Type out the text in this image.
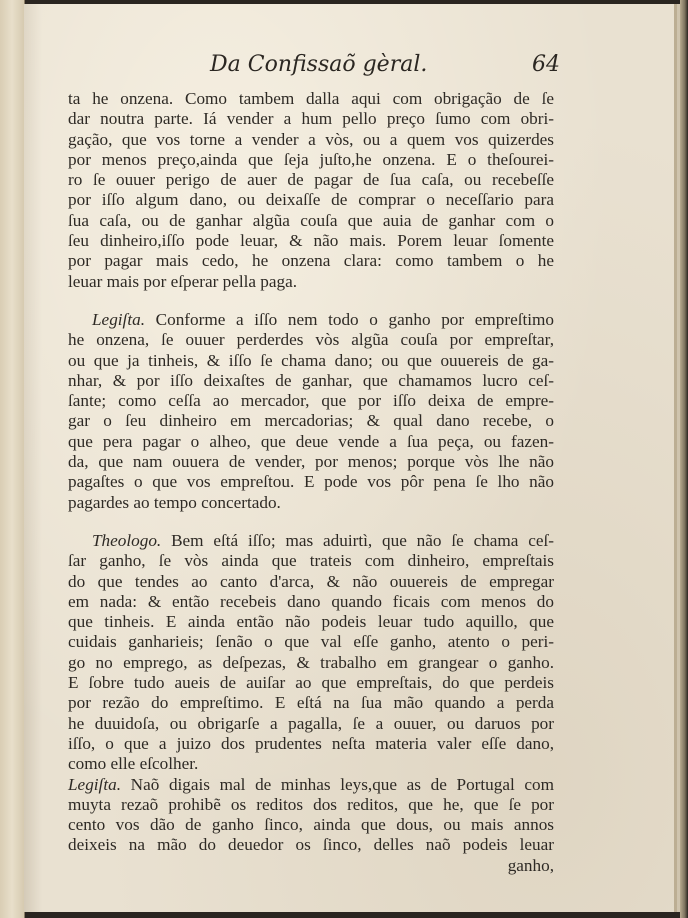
Da Confissaõ gèral.	64
ta he onzena. Como tambem dalla aqui com obrigação de ſe
dar noutra parte. Iá vender a hum pello preço ſumo com obri-
gação, que vos torne a vender a vòs, ou a quem vos quizerdes
por menos preço,ainda que ſeja juſto,he onzena. E o theſourei-
ro ſe ouuer perigo de auer de pagar de ſua caſa, ou recebeſſe
por iſſo algum dano, ou deixaſſe de comprar o neceſſario para
ſua caſa, ou de ganhar algũa couſa que auia de ganhar com o
ſeu dinheiro,iſſo pode leuar, & não mais. Porem leuar ſomente
por pagar mais cedo, he onzena clara: como tambem o he
leuar mais por eſperar pella paga.
Legiſta. Conforme a iſſo nem todo o ganho por empreſtimo
he onzena, ſe ouuer perderdes vòs algũa couſa por empreſtar,
ou que ja tinheis, & iſſo ſe chama dano; ou que ouuereis de ga-
nhar, & por iſſo deixaſtes de ganhar, que chamamos lucro ceſ-
ſante; como ceſſa ao mercador, que por iſſo deixa de empre-
gar o ſeu dinheiro em mercadorias; & qual dano recebe, o
que pera pagar o alheo, que deue vende a ſua peça, ou fazen-
da, que nam ouuera de vender, por menos; porque vòs lhe não
pagaſtes o que vos empreſtou. E pode vos pôr pena ſe lho não
pagardes ao tempo concertado.
Theologo. Bem eſtá iſſo; mas aduirtì, que não ſe chama ceſ-
ſar ganho, ſe vòs ainda que trateis com dinheiro, empreſtais
do que tendes ao canto d'arca, & não ouuereis de empregar
em nada: & então recebeis dano quando ficais com menos do
que tinheis. E ainda então não podeis leuar tudo aquillo, que
cuidais ganharieis; ſenão o que val eſſe ganho, atento o peri-
go no emprego, as deſpezas, & trabalho em grangear o ganho.
E ſobre tudo aueis de auiſar ao que empreſtais, do que perdeis
por rezão do empreſtimo. E eſtá na ſua mão quando a perda
he duuidoſa, ou obrigarſe a pagalla, ſe a ouuer, ou daruos por
iſſo, o que a juizo dos prudentes neſta materia valer eſſe dano,
como elle eſcolher.
Legiſta. Naõ digais mal de minhas leys,que as de Portugal com
muyta rezaõ prohibẽ os reditos dos reditos, que he, que ſe por
cento vos dão de ganho ſinco, ainda que dous, ou mais annos
deixeis na mão do deuedor os ſinco, delles naõ podeis leuar
ganho,
